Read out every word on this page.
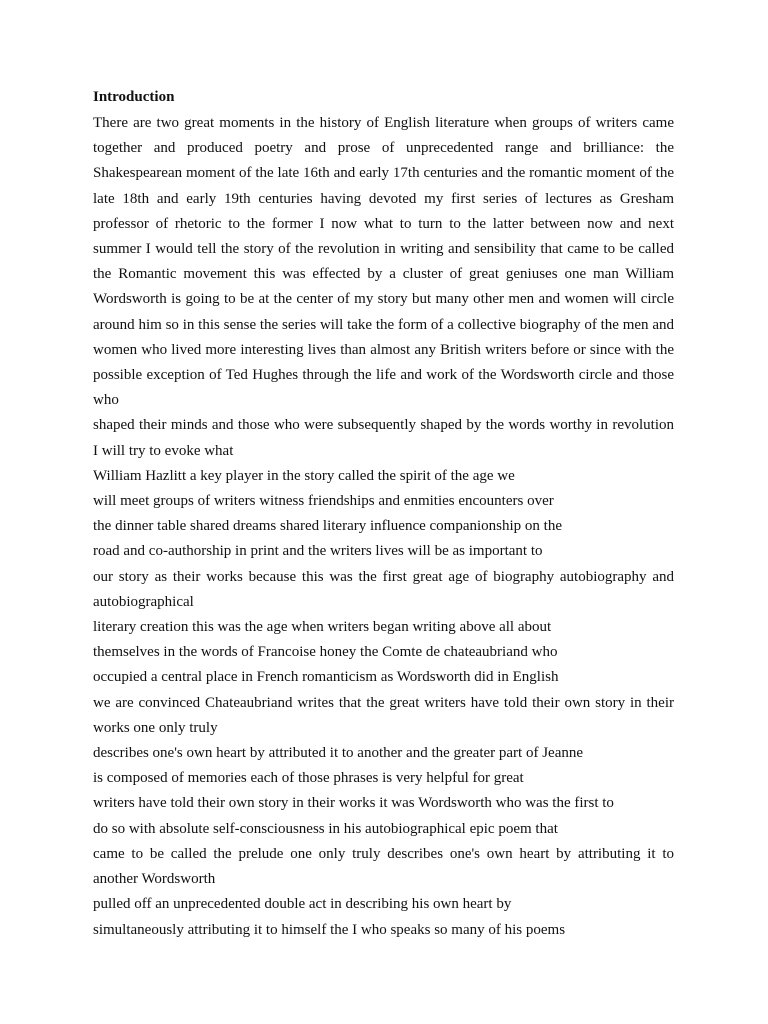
Introduction

There are two great moments in the history of English literature when groups of writers came together and produced poetry and prose of unprecedented range and brilliance: the Shakespearean moment of the late 16th and early 17th centuries and the romantic moment of the late 18th and early 19th centuries having devoted my first series of lectures as Gresham professor of rhetoric to the former I now what to turn to the latter between now and next summer I would tell the story of the revolution in writing and sensibility that came to be called the Romantic movement this was effected by a cluster of great geniuses one man William Wordsworth is going to be at the center of my story but many other men and women will circle around him so in this sense the series will take the form of a collective biography of the men and women who lived more interesting lives than almost any British writers before or since with the possible exception of Ted Hughes through the life and work of the Wordsworth circle and those who

shaped their minds and those who were subsequently shaped by the words worthy in revolution I will try to evoke what

William Hazlitt a key player in the story called the spirit of the age we

will meet groups of writers witness friendships and enmities encounters over

the dinner table shared dreams shared literary influence companionship on the

road and co-authorship in print and the writers lives will be as important to

our story as their works because this was the first great age of biography autobiography and autobiographical

literary creation this was the age when writers began writing above all about

themselves in the words of Francoise honey the Comte de chateaubriand who

occupied a central place in French romanticism as Wordsworth did in English

we are convinced Chateaubriand writes that the great writers have told their own story in their works one only truly

describes one's own heart by attributed it to another and the greater part of Jeanne

is composed of memories each of those phrases is very helpful for great

writers have told their own story in their works it was Wordsworth who was the first to

do so with absolute self-consciousness in his autobiographical epic poem that

came to be called the prelude one only truly describes one's own heart by attributing it to another Wordsworth

pulled off an unprecedented double act in describing his own heart by

simultaneously attributing it to himself the I who speaks so many of his poems
